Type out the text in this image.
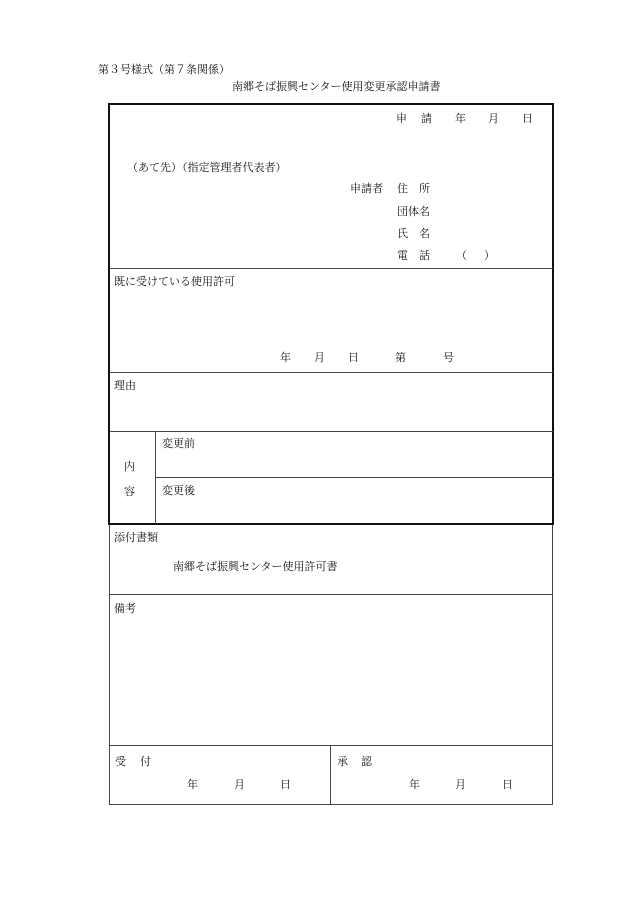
第３号様式（第７条関係）
南郷そば振興センター使用変更承認申請書
申 請 年 月 日
（あて先）（指定管理者代表者）
申請者 住 所
団体名
氏 名
電 話 （ ）
既に受けている使用許可
年 月 日	第	号
理由
内
容
変更前
変更後
添付書類
南郷そば振興センター使用許可書
備考
受 付
年	月	日
承 認
年	月	日
